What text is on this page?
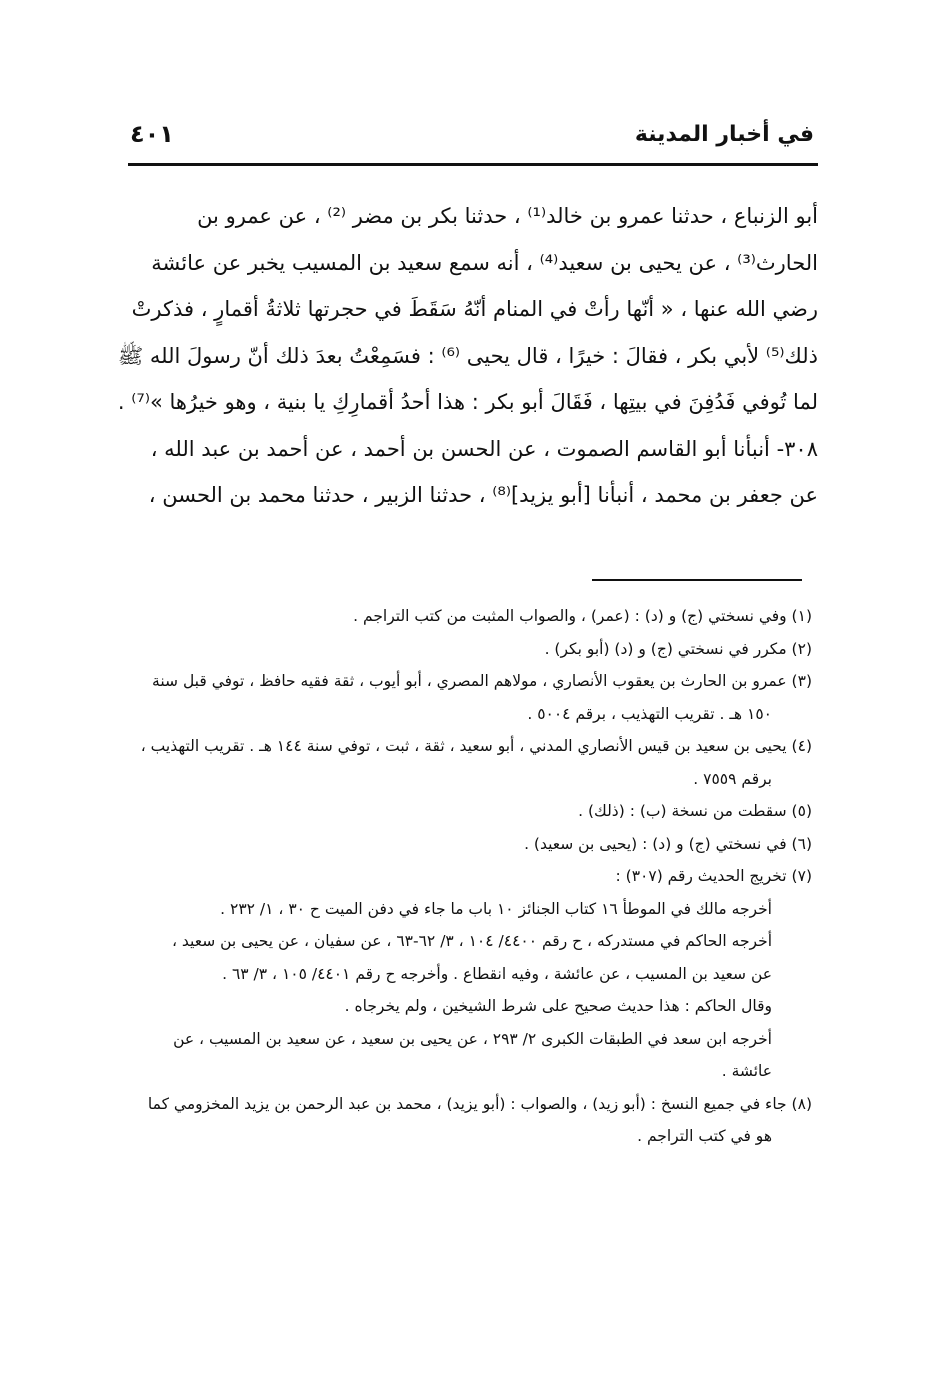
في أخبار المدينة
٤٠١
أبو الزنباع ، حدثنا عمرو بن خالد⁽¹⁾ ، حدثنا بكر بن مضر ⁽²⁾ ، عن عمرو بن
الحارث⁽³⁾ ، عن يحيى بن سعيد⁽⁴⁾ ، أنه سمع سعيد بن المسيب يخبر عن عائشة
رضي الله عنها ، « أنّها رأتْ في المنام أنّهُ سَقَطَ في حجرتها ثلاثةُ أقمارٍ ، فذكرتْ
ذلك⁽⁵⁾ لأبي بكر ، فقالَ : خيرًا ، قال يحيى ⁽⁶⁾ : فسَمِعْتُ بعدَ ذلك أنّ رسولَ الله ﷺ
لما تُوفي فَدُفِنَ في بيتِها ، فَقَالَ أبو بكر : هذا أحدُ أقمارِكِ يا بنية ، وهو خيرُها »⁽⁷⁾ .
٣٠٨- أنبأنا أبو القاسم الصموت ، عن الحسن بن أحمد ، عن أحمد بن عبد الله ،
عن جعفر بن محمد ، أنبأنا [أبو يزيد]⁽⁸⁾ ، حدثنا الزبير ، حدثنا محمد بن الحسن ،
(١) وفي نسختي (ج) و (د) : (عمر) ، والصواب المثبت من كتب التراجم .
(٢) مكرر في نسختي (ج) و (د) (أبو بكر) .
(٣) عمرو بن الحارث بن يعقوب الأنصاري ، مولاهم المصري ، أبو أيوب ، ثقة فقيه حافظ ، توفي قبل سنة
١٥٠ هـ . تقريب التهذيب ، برقم ٥٠٠٤ .
(٤) يحيى بن سعيد بن قيس الأنصاري المدني ، أبو سعيد ، ثقة ، ثبت ، توفي سنة ١٤٤ هـ . تقريب التهذيب ،
برقم ٧٥٥٩ .
(٥) سقطت من نسخة (ب) : (ذلك) .
(٦) في نسختي (ج) و (د) : (يحيى بن سعيد) .
(٧) تخريج الحديث رقم (٣٠٧) :
أخرجه مالك في الموطأ ١٦ كتاب الجنائز ١٠ باب ما جاء في دفن الميت ح ٣٠ ، ١/ ٢٣٢ .
أخرجه الحاكم في مستدركه ، ح رقم ٤٤٠٠/ ١٠٤ ، ٣/ ٦٢-٦٣ ، عن سفيان ، عن يحيى بن سعيد ،
عن سعيد بن المسيب ، عن عائشة ، وفيه انقطاع . وأخرجه ح رقم ٤٤٠١/ ١٠٥ ، ٣/ ٦٣ .
وقال الحاكم : هذا حديث صحيح على شرط الشيخين ، ولم يخرجاه .
أخرجه ابن سعد في الطبقات الكبرى ٢/ ٢٩٣ ، عن يحيى بن سعيد ، عن سعيد بن المسيب ، عن
عائشة .
(٨) جاء في جميع النسخ : (أبو زيد) ، والصواب : (أبو يزيد) ، محمد بن عبد الرحمن بن يزيد المخزومي كما
هو في كتب التراجم .
